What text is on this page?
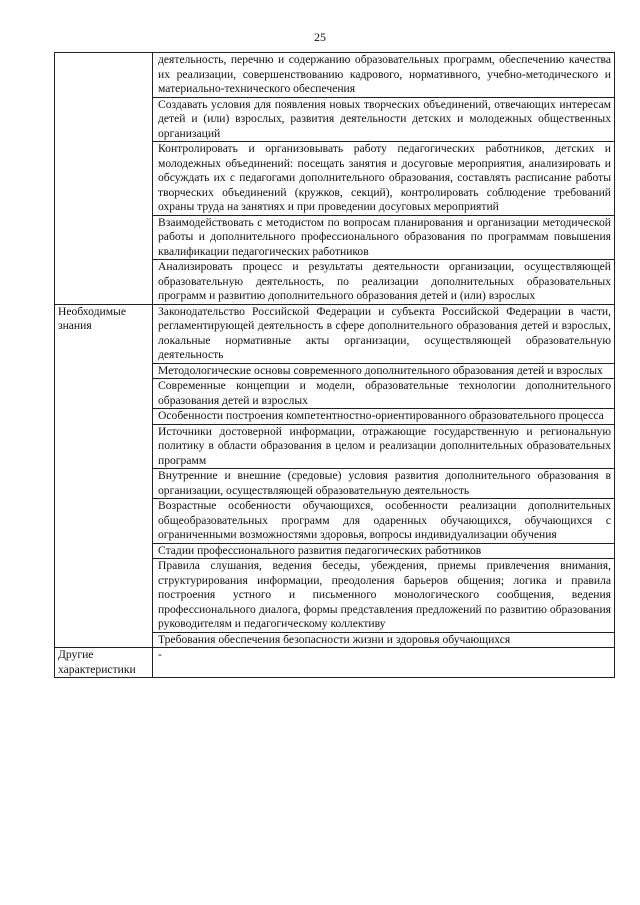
25
	деятельность, перечню и содержанию образовательных программ, обеспечению качества их реализации, совершенствованию кадрового, нормативного, учебно-методического и материально-технического обеспечения
	Создавать условия для появления новых творческих объединений, отвечающих интересам детей и (или) взрослых, развития деятельности детских и молодежных общественных организаций
	Контролировать и организовывать работу педагогических работников, детских и молодежных объединений: посещать занятия и досуговые мероприятия, анализировать и обсуждать их с педагогами дополнительного образования, составлять расписание работы творческих объединений (кружков, секций), контролировать соблюдение требований охраны труда на занятиях и при проведении досуговых мероприятий
	Взаимодействовать с методистом по вопросам планирования и организации методической работы и дополнительного профессионального образования по программам повышения квалификации педагогических работников
	Анализировать процесс и результаты деятельности организации, осуществляющей образовательную деятельность, по реализации дополнительных образовательных программ и развитию дополнительного образования детей и (или) взрослых
Необходимые знания	Законодательство Российской Федерации и субъекта Российской Федерации в части, регламентирующей деятельность в сфере дополнительного образования детей и взрослых, локальные нормативные акты организации, осуществляющей образовательную деятельность
	Методологические основы современного дополнительного образования детей и взрослых
	Современные концепции и модели, образовательные технологии дополнительного образования детей и взрослых
	Особенности построения компетентностно-ориентированного образовательного процесса
	Источники достоверной информации, отражающие государственную и региональную политику в области образования в целом и реализации дополнительных образовательных программ
	Внутренние и внешние (средовые) условия развития дополнительного образования в организации, осуществляющей образовательную деятельность
	Возрастные особенности обучающихся, особенности реализации дополнительных общеобразовательных программ для одаренных обучающихся, обучающихся с ограниченными возможностями здоровья, вопросы индивидуализации обучения
	Стадии профессионального развития педагогических работников
	Правила слушания, ведения беседы, убеждения, приемы привлечения внимания, структурирования информации, преодоления барьеров общения; логика и правила построения устного и письменного монологического сообщения, ведения профессионального диалога, формы представления предложений по развитию образования руководителям и педагогическому коллективу
	Требования обеспечения безопасности жизни и здоровья обучающихся
Другие характеристики	-
